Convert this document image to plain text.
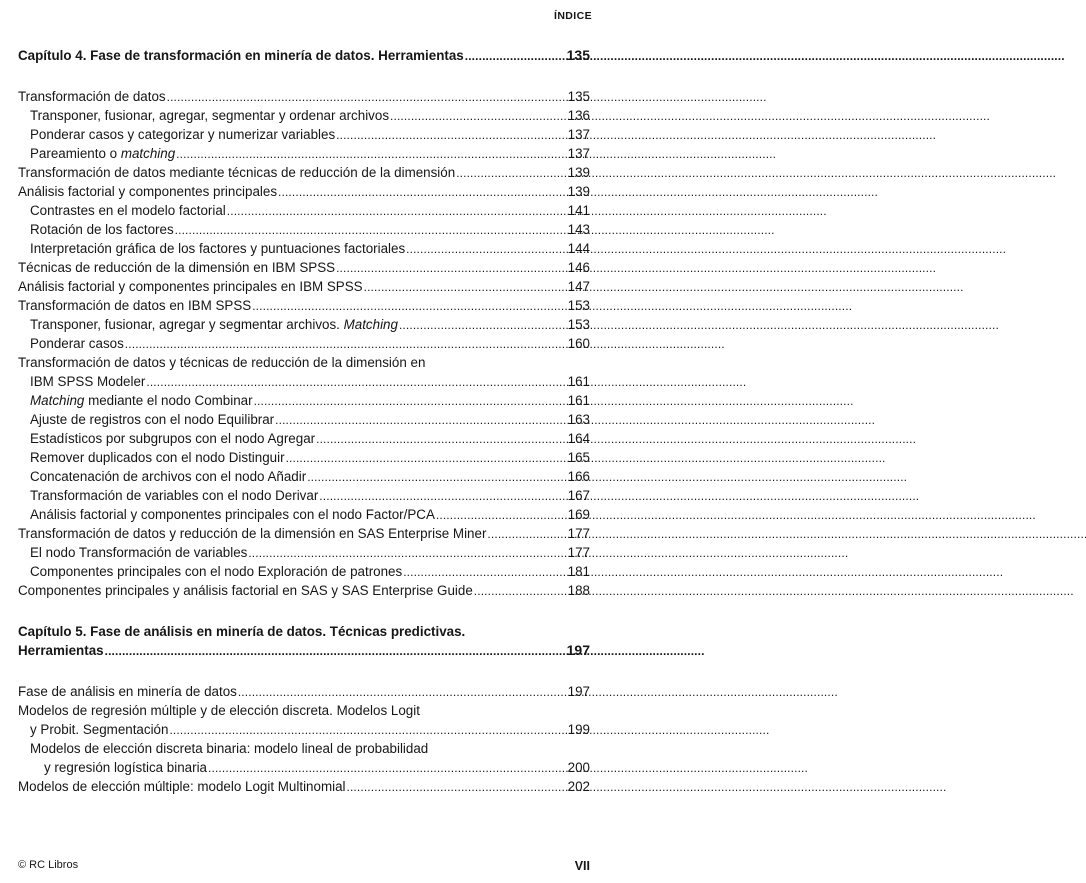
ÍNDICE
Capítulo 4. Fase de transformación en minería de datos. Herramientas . . .	135
Transformación de datos . . .	135
Transponer, fusionar, agregar, segmentar y ordenar archivos . . .	136
Ponderar casos y categorizar y numerizar variables . . .	137
Pareamiento o matching . . .	137
Transformación de datos mediante técnicas de reducción de la dimensión . . .	139
Análisis factorial y componentes principales . . .	139
Contrastes en el modelo factorial . . .	141
Rotación de los factores . . .	143
Interpretación gráfica de los factores y puntuaciones factoriales . . .	144
Técnicas de reducción de la dimensión en IBM SPSS . . .	146
Análisis factorial y componentes principales en IBM SPSS . . .	147
Transformación de datos en IBM SPSS . . .	153
Transponer, fusionar, agregar y segmentar archivos. Matching . . .	153
Ponderar casos . . .	160
Transformación de datos y técnicas de reducción de la dimensión en
IBM SPSS Modeler . . .	161
Matching mediante el nodo Combinar . . .	161
Ajuste de registros con el nodo Equilibrar . . .	163
Estadísticos por subgrupos con el nodo Agregar . . .	164
Remover duplicados con el nodo Distinguir . . .	165
Concatenación de archivos con el nodo Añadir . . .	166
Transformación de variables con el nodo Derivar . . .	167
Análisis factorial y componentes principales con el nodo Factor/PCA . . .	169
Transformación de datos y reducción de la dimensión en SAS Enterprise Miner . . .	177
El nodo Transformación de variables . . .	177
Componentes principales con el nodo Exploración de patrones . . .	181
Componentes principales y análisis factorial en SAS y SAS Enterprise Guide . . .	188
Capítulo 5. Fase de análisis en minería de datos. Técnicas predictivas.
Herramientas . . .	197
Fase de análisis en minería de datos . . .	197
Modelos de regresión múltiple y de elección discreta. Modelos Logit
y Probit. Segmentación . . .	199
Modelos de elección discreta binaria: modelo lineal de probabilidad
y regresión logística binaria . . .	200
Modelos de elección múltiple: modelo Logit Multinomial . . .	202
© RC Libros	VII
